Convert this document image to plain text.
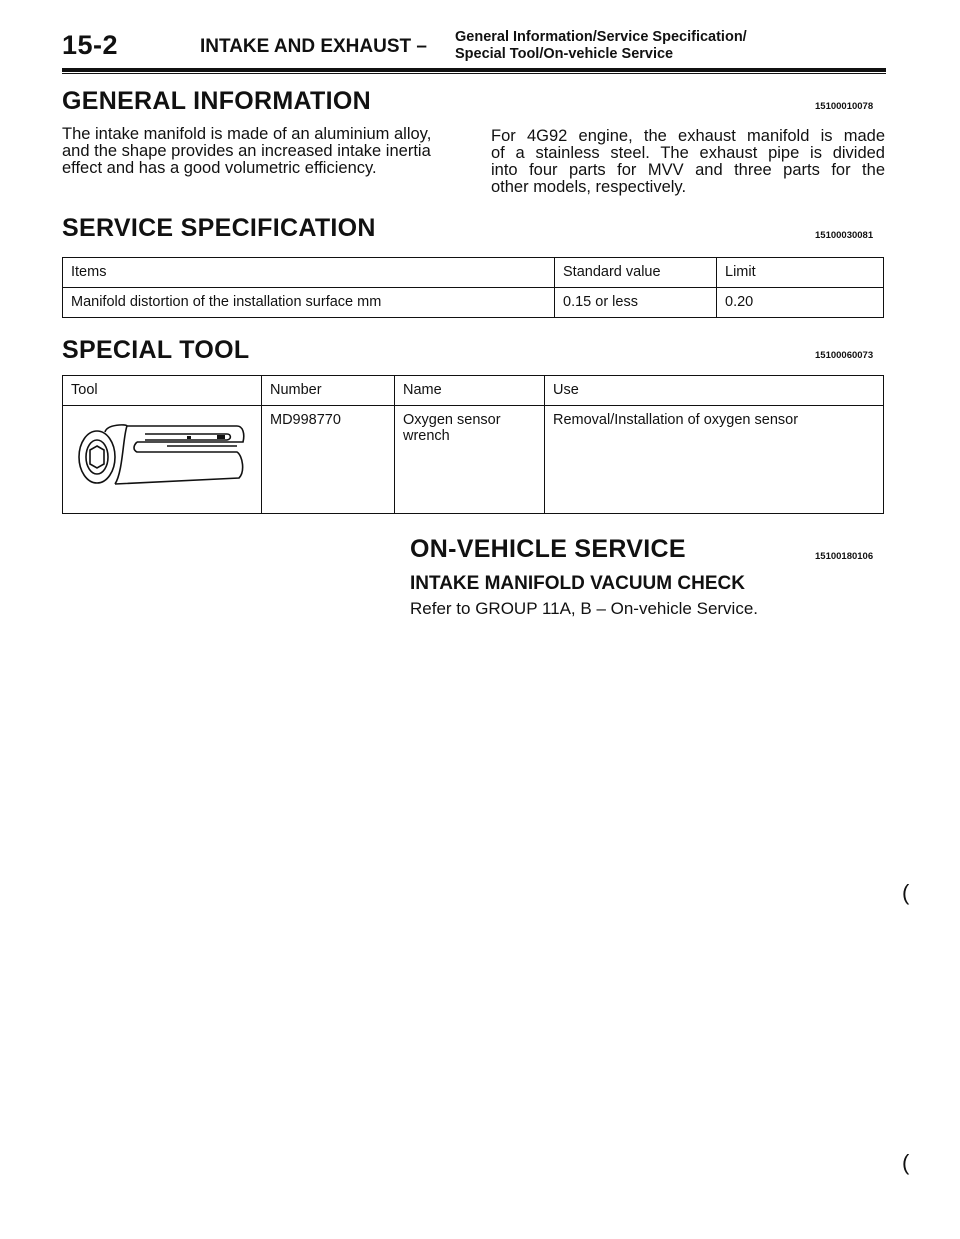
15-2	INTAKE AND EXHAUST – General Information/Service Specification/
Special Tool/On-vehicle Service
GENERAL INFORMATION	15100010078
The intake manifold is made of an aluminium alloy,
and the shape provides an increased intake inertia
effect and has a good volumetric efficiency.
For 4G92 engine, the exhaust manifold is made
of a stainless steel. The exhaust pipe is divided
into four parts for MVV and three parts for the
other models, respectively.
SERVICE SPECIFICATION	15100030081
Items	Standard value	Limit
Manifold distortion of the installation surface mm	0.15 or less	0.20
SPECIAL TOOL	15100060073
Tool	Number	Name	Use
	MD998770	Oxygen sensor
wrench	Removal/Installation of oxygen sensor
ON-VEHICLE SERVICE	15100180106
INTAKE MANIFOLD VACUUM CHECK
Refer to GROUP 11A, B – On-vehicle Service.
(
(
